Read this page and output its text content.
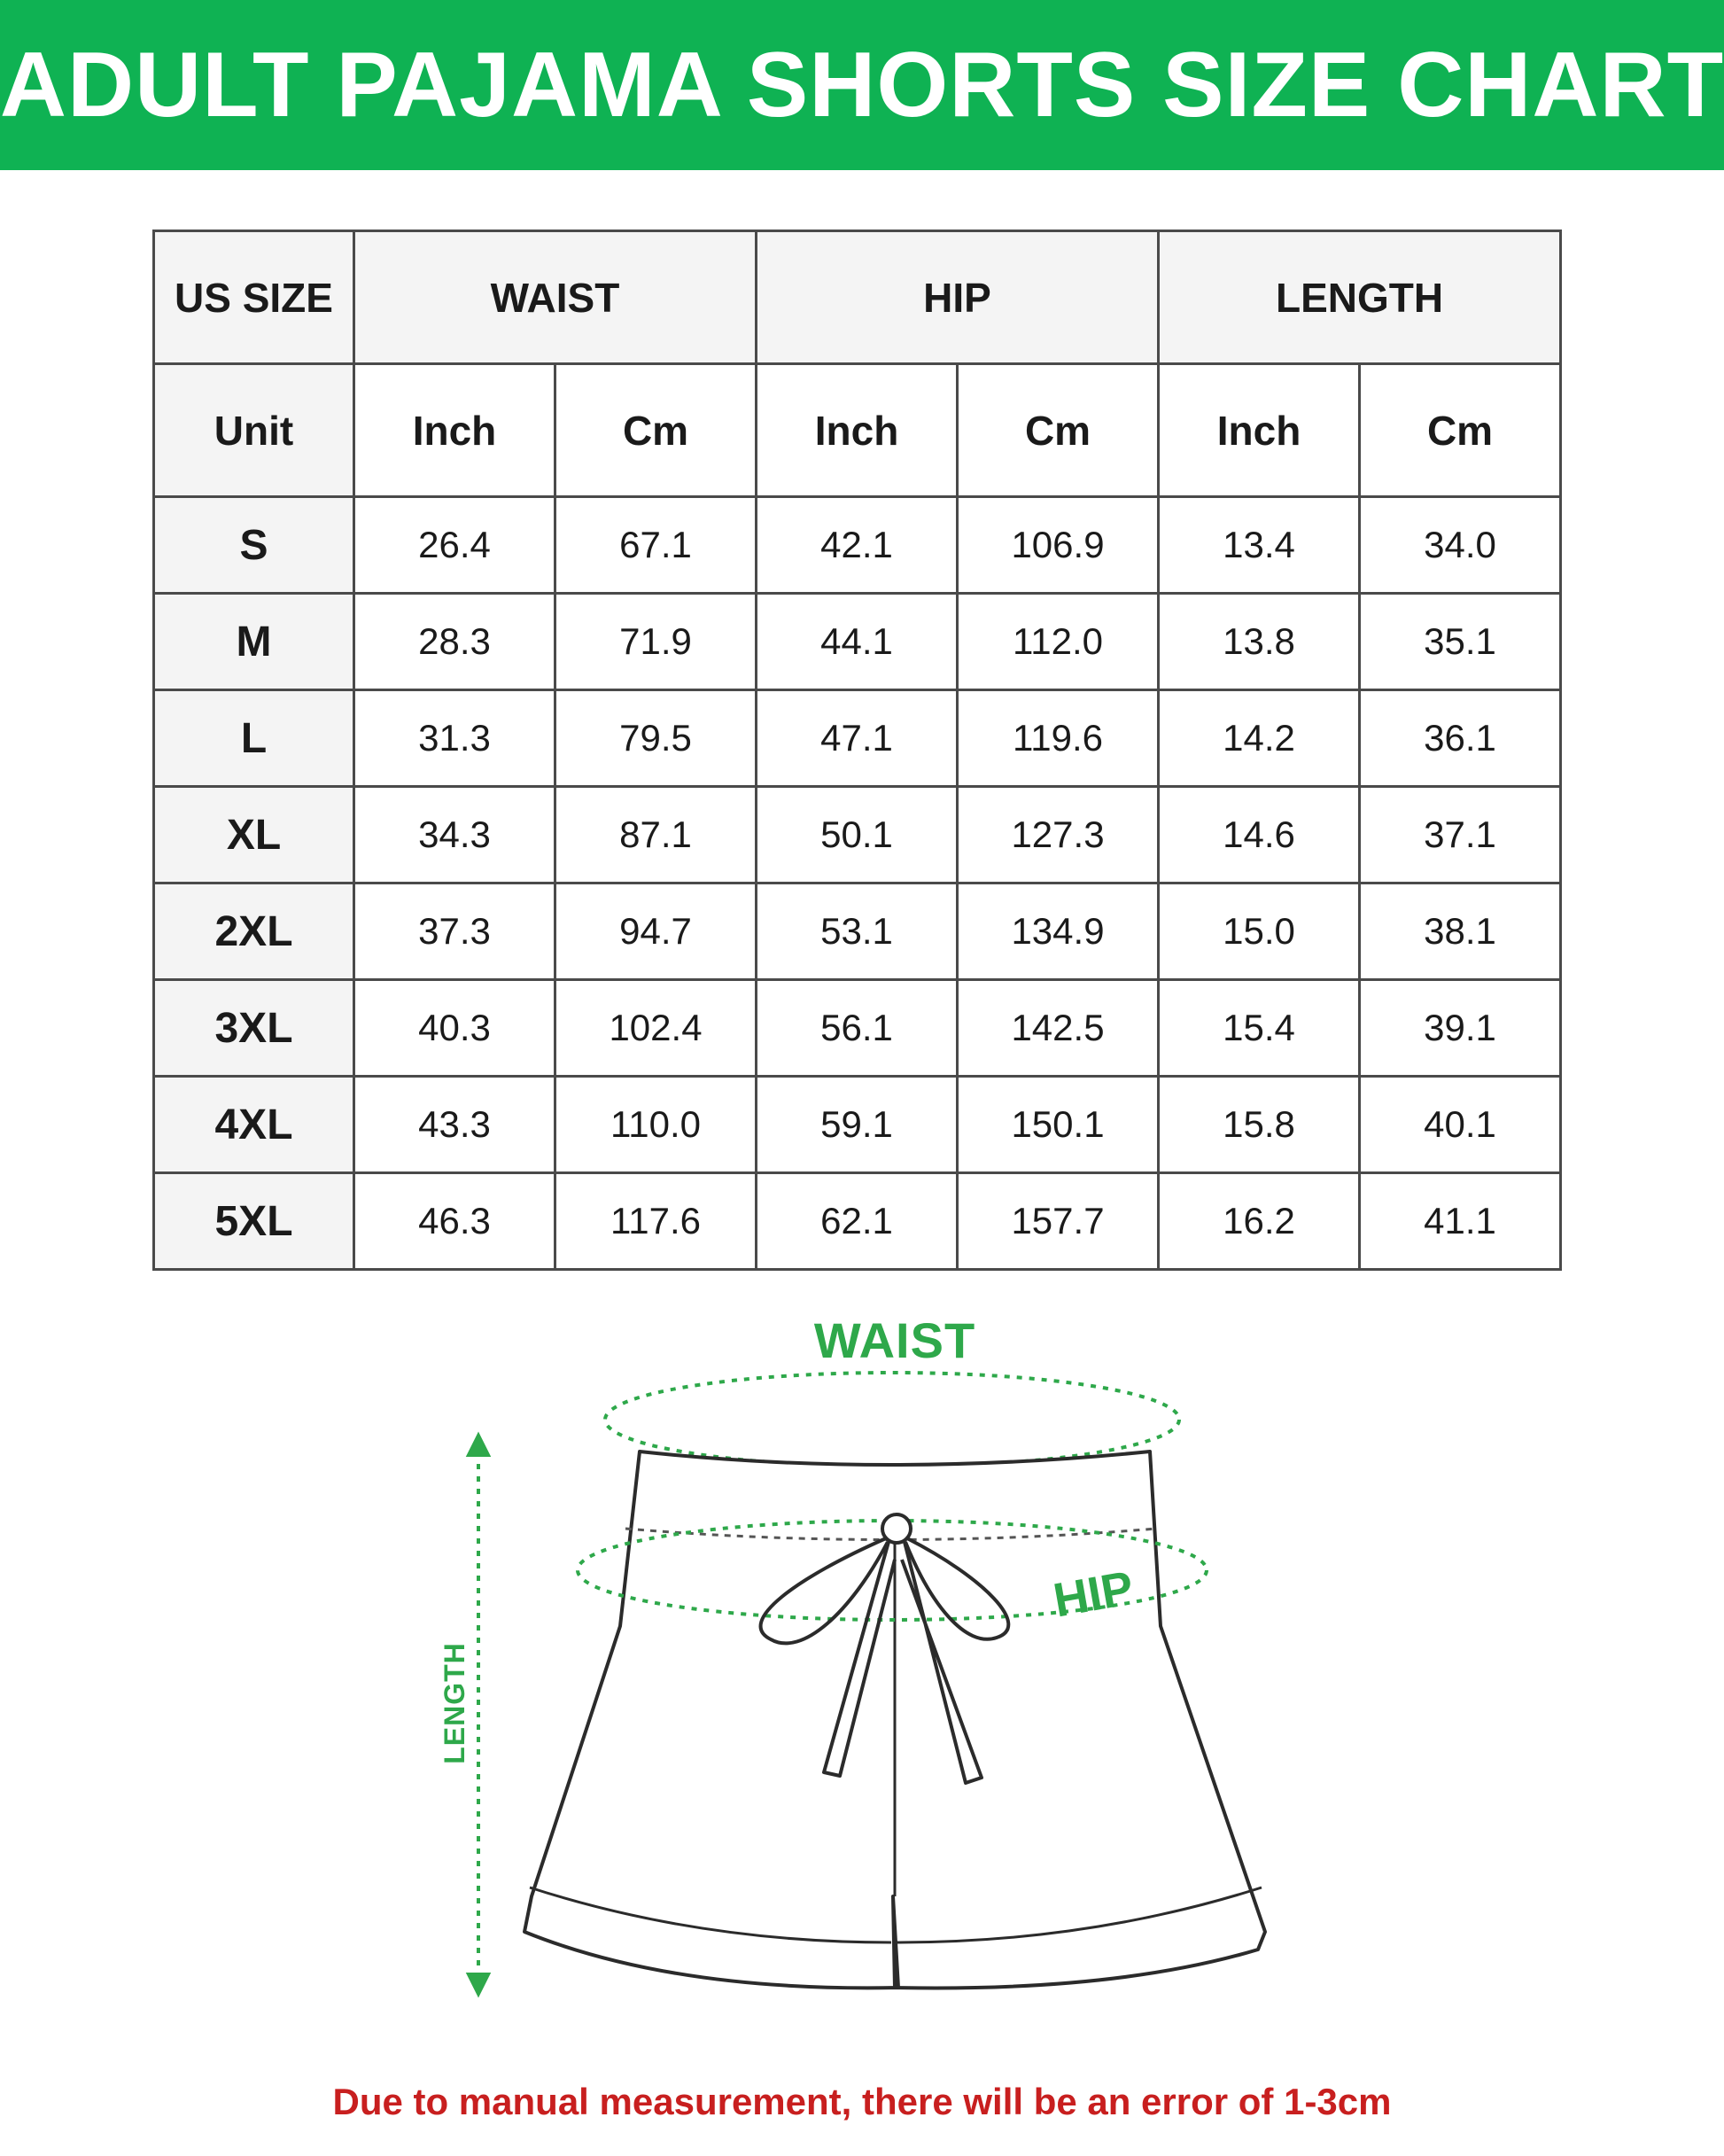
ADULT PAJAMA SHORTS SIZE CHART
US SIZE	WAIST		HIP		LENGTH	
Unit	Inch	Cm	Inch	Cm	Inch	Cm
S	26.4	67.1	42.1	106.9	13.4	34.0
M	28.3	71.9	44.1	112.0	13.8	35.1
L	31.3	79.5	47.1	119.6	14.2	36.1
XL	34.3	87.1	50.1	127.3	14.6	37.1
2XL	37.3	94.7	53.1	134.9	15.0	38.1
3XL	40.3	102.4	56.1	142.5	15.4	39.1
4XL	43.3	110.0	59.1	150.1	15.8	40.1
5XL	46.3	117.6	62.1	157.7	16.2	41.1
WAIST
HIP
LENGTH
Due to manual measurement, there will be an error of 1-3cm
